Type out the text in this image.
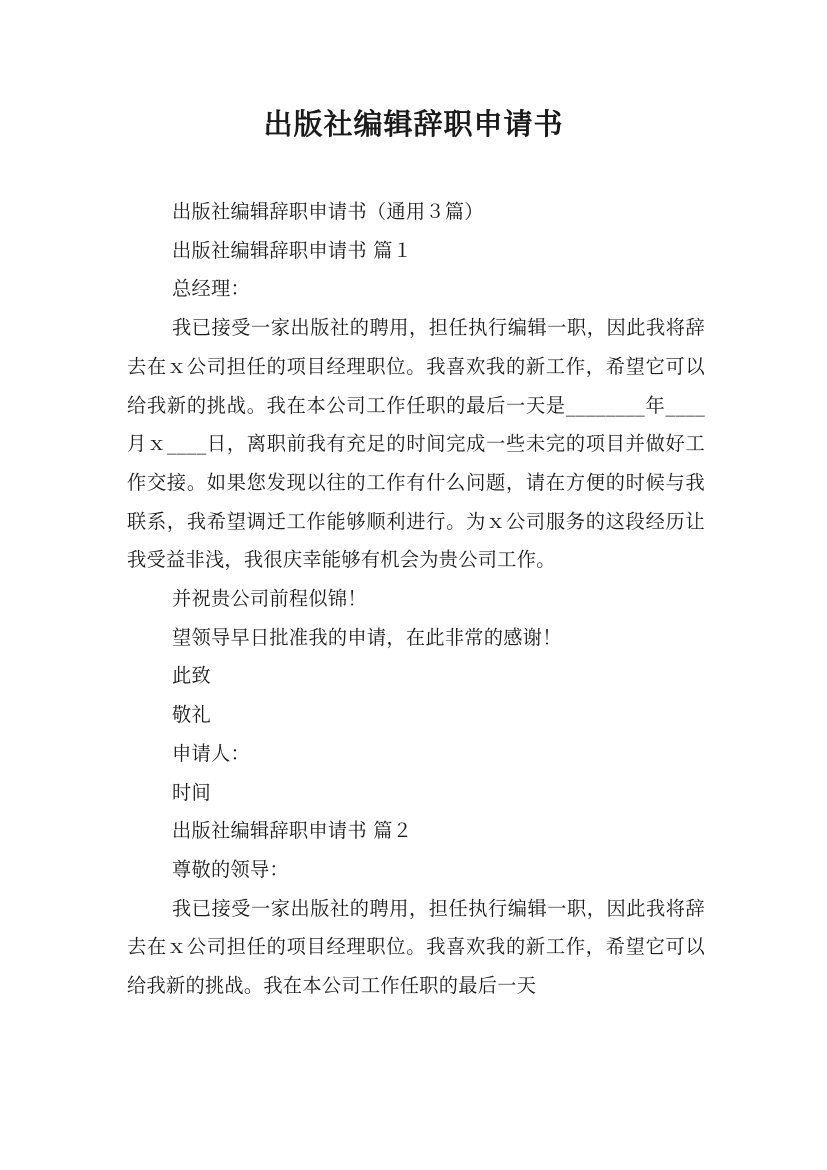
出版社编辑辞职申请书

出版社编辑辞职申请书（通用３篇）

出版社编辑辞职申请书 篇１

总经理：

我已接受一家出版社的聘用，担任执行编辑一职，因此我将辞去在ｘ公司担任的项目经理职位。我喜欢我的新工作，希望它可以给我新的挑战。我在本公司工作任职的最后一天是________年____月ｘ____日，离职前我有充足的时间完成一些未完的项目并做好工作交接。如果您发现以往的工作有什么问题，请在方便的时候与我联系，我希望调迁工作能够顺利进行。为ｘ公司服务的这段经历让我受益非浅，我很庆幸能够有机会为贵公司工作。

并祝贵公司前程似锦！

望领导早日批准我的申请，在此非常的感谢！

此致

敬礼

申请人：

时间

出版社编辑辞职申请书 篇２

尊敬的领导：

我已接受一家出版社的聘用，担任执行编辑一职，因此我将辞去在ｘ公司担任的项目经理职位。我喜欢我的新工作，希望它可以给我新的挑战。我在本公司工作任职的最后一天
